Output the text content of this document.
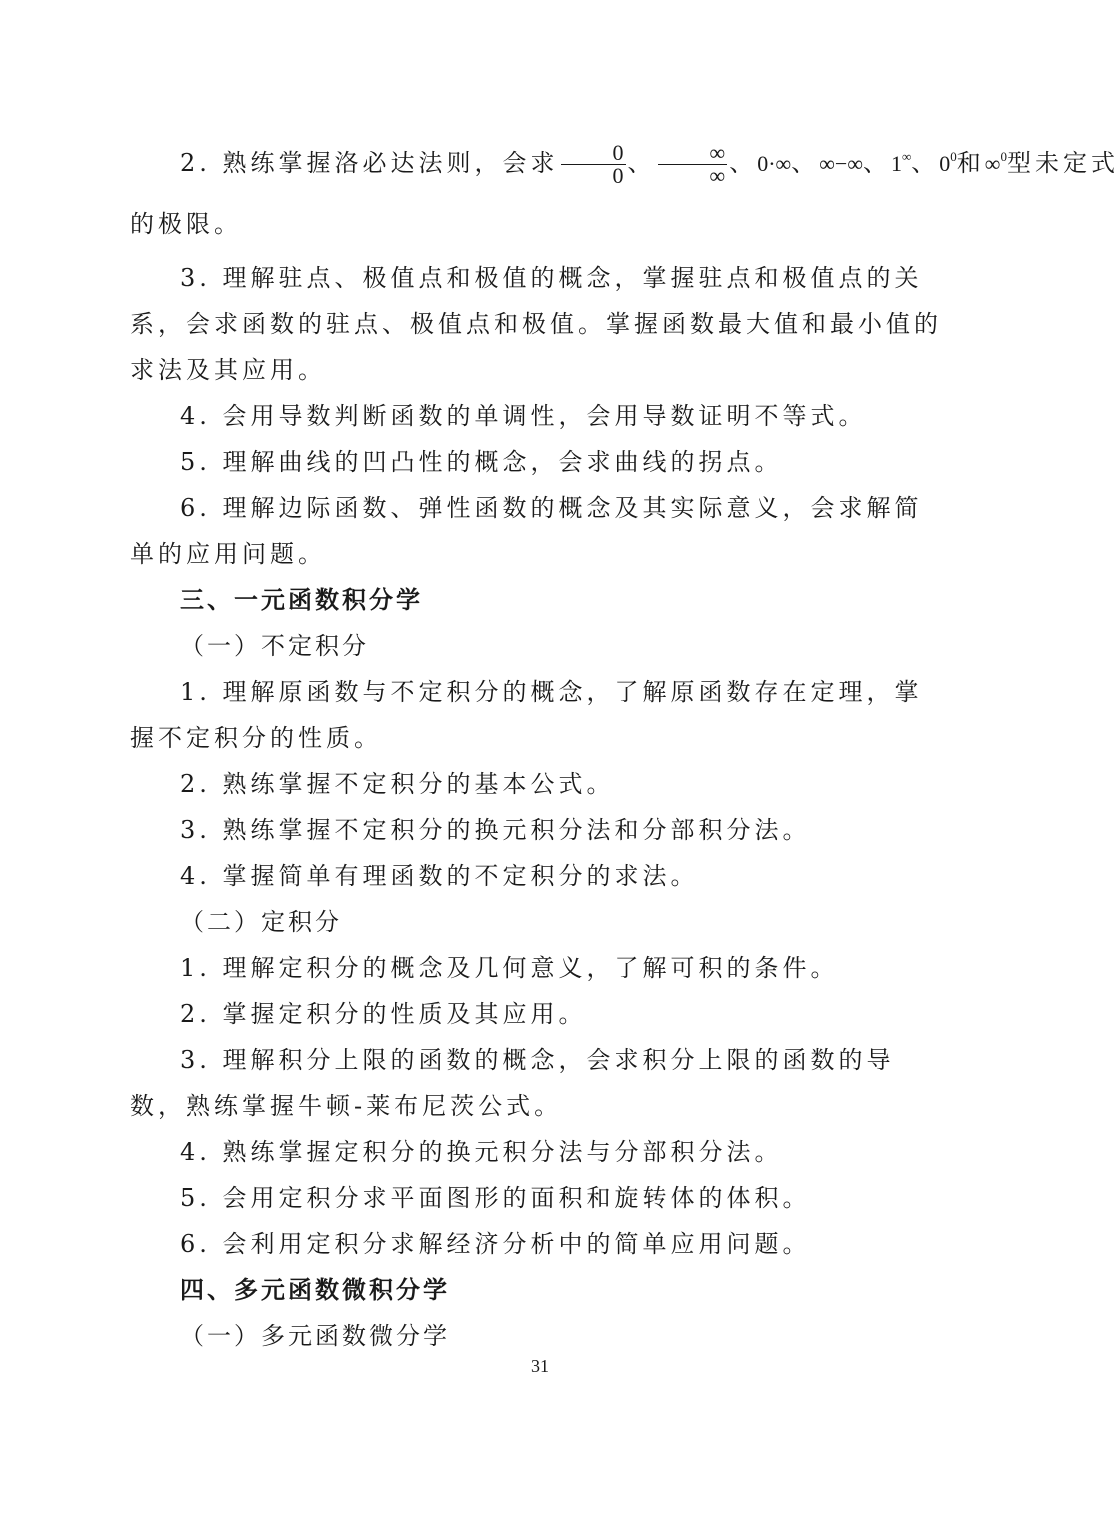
2. 熟练掌握洛必达法则，会求 $\frac{0}{0}$ 、 $\frac{\infty}{\infty}$ 、0·∞、∞−∞、1∞、$0^0$和∞$^0$型未定式

的极限。

3. 理解驻点、极值点和极值的概念，掌握驻点和极值点的关系，会求函数的驻点、极值点和极值。掌握函数最大值和最小值的求法及其应用。

4. 会用导数判断函数的单调性，会用导数证明不等式。

5. 理解曲线的凹凸性的概念，会求曲线的拐点。

6. 理解边际函数、弹性函数的概念及其实际意义，会求解简单的应用问题。

三、一元函数积分学

（一）不定积分

1. 理解原函数与不定积分的概念，了解原函数存在定理，掌握不定积分的性质。

2. 熟练掌握不定积分的基本公式。

3. 熟练掌握不定积分的换元积分法和分部积分法。

4. 掌握简单有理函数的不定积分的求法。

（二）定积分

1. 理解定积分的概念及几何意义，了解可积的条件。

2. 掌握定积分的性质及其应用。

3. 理解积分上限的函数的概念，会求积分上限的函数的导数，熟练掌握牛顿-莱布尼茨公式。

4. 熟练掌握定积分的换元积分法与分部积分法。

5. 会用定积分求平面图形的面积和旋转体的体积。

6. 会利用定积分求解经济分析中的简单应用问题。

四、多元函数微积分学

（一）多元函数微分学

31
